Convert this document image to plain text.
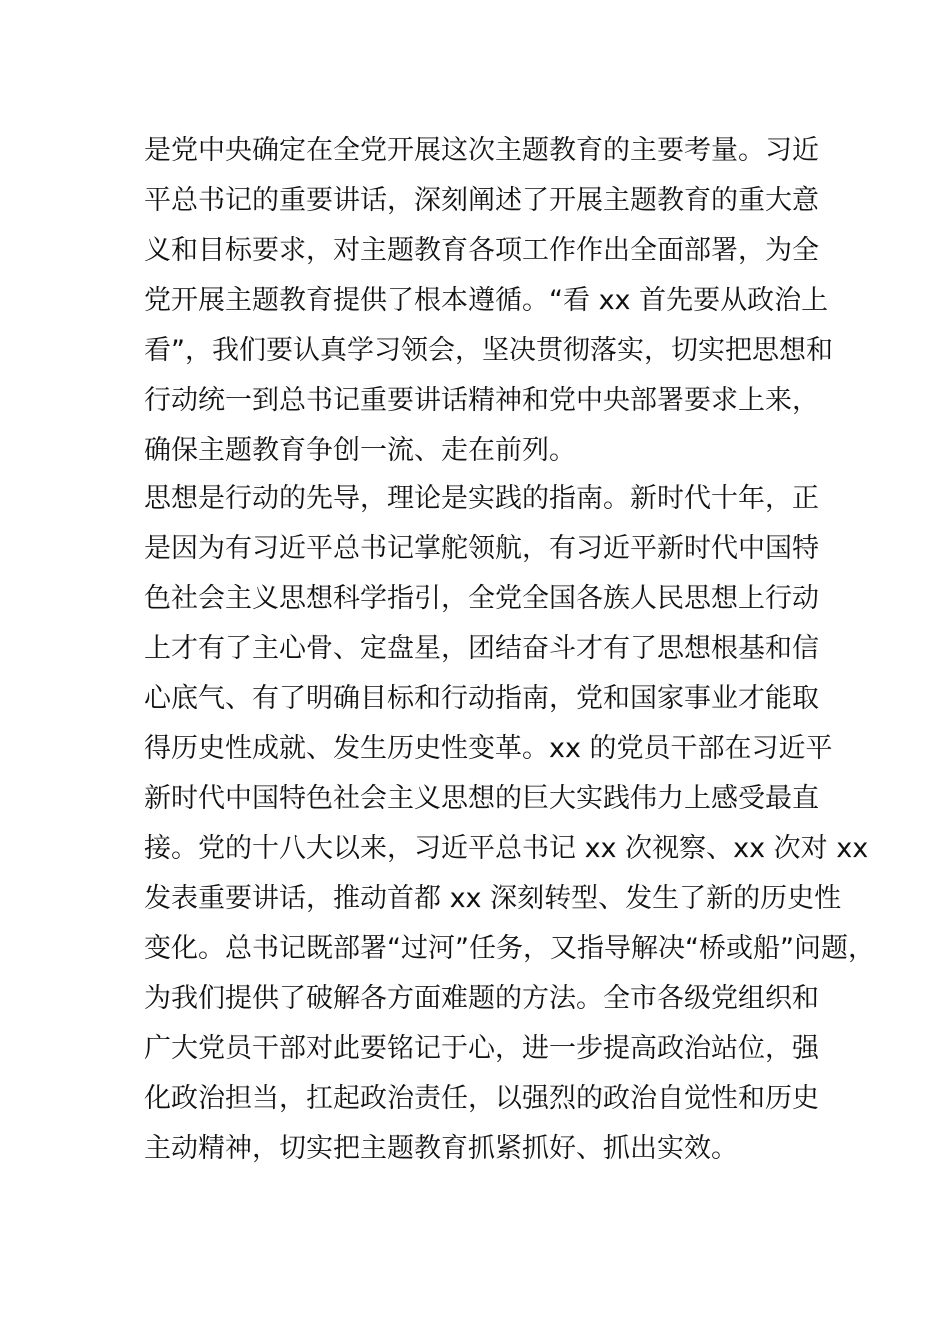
是党中央确定在全党开展这次主题教育的主要考量。习近
平总书记的重要讲话，深刻阐述了开展主题教育的重大意
义和目标要求，对主题教育各项工作作出全面部署，为全
党开展主题教育提供了根本遵循。“看 xx 首先要从政治上
看”，我们要认真学习领会，坚决贯彻落实，切实把思想和
行动统一到总书记重要讲话精神和党中央部署要求上来，
确保主题教育争创一流、走在前列。
思想是行动的先导，理论是实践的指南。新时代十年，正
是因为有习近平总书记掌舵领航，有习近平新时代中国特
色社会主义思想科学指引，全党全国各族人民思想上行动
上才有了主心骨、定盘星，团结奋斗才有了思想根基和信
心底气、有了明确目标和行动指南，党和国家事业才能取
得历史性成就、发生历史性变革。xx 的党员干部在习近平
新时代中国特色社会主义思想的巨大实践伟力上感受最直
接。党的十八大以来，习近平总书记 xx 次视察、xx 次对 xx
发表重要讲话，推动首都 xx 深刻转型、发生了新的历史性
变化。总书记既部署“过河”任务，又指导解决“桥或船”问题，
为我们提供了破解各方面难题的方法。全市各级党组织和
广大党员干部对此要铭记于心，进一步提高政治站位，强
化政治担当，扛起政治责任，以强烈的政治自觉性和历史
主动精神，切实把主题教育抓紧抓好、抓出实效。
